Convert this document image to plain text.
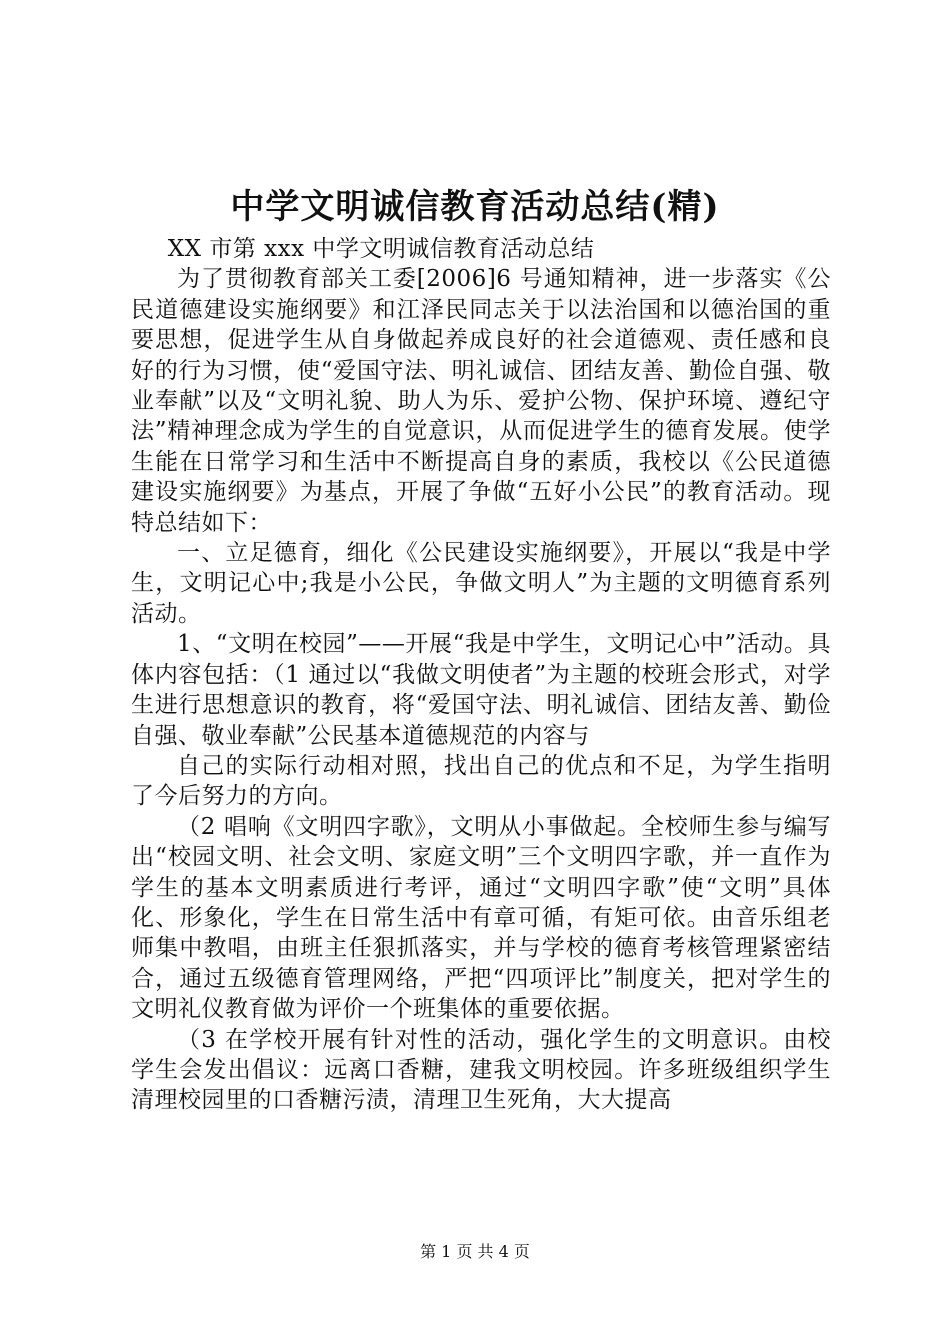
中学文明诚信教育活动总结(精)

XX 市第 xxx 中学文明诚信教育活动总结

为了贯彻教育部关工委[2006]6 号通知精神，进一步落实《公民道德建设实施纲要》和江泽民同志关于以法治国和以德治国的重要思想，促进学生从自身做起养成良好的社会道德观、责任感和良好的行为习惯，使“爱国守法、明礼诚信、团结友善、勤俭自强、敬业奉献”以及“文明礼貌、助人为乐、爱护公物、保护环境、遵纪守法”精神理念成为学生的自觉意识，从而促进学生的德育发展。使学生能在日常学习和生活中不断提高自身的素质，我校以《公民道德建设实施纲要》为基点，开展了争做“五好小公民”的教育活动。现特总结如下：

一、立足德育，细化《公民建设实施纲要》，开展以“我是中学生，文明记心中;我是小公民，争做文明人”为主题的文明德育系列活动。

1、“文明在校园”——开展“我是中学生，文明记心中”活动。具体内容包括：（1 通过以“我做文明使者”为主题的校班会形式，对学生进行思想意识的教育，将“爱国守法、明礼诚信、团结友善、勤俭自强、敬业奉献”公民基本道德规范的内容与

自己的实际行动相对照，找出自己的优点和不足，为学生指明了今后努力的方向。

（2 唱响《文明四字歌》，文明从小事做起。全校师生参与编写出“校园文明、社会文明、家庭文明”三个文明四字歌，并一直作为学生的基本文明素质进行考评，通过“文明四字歌”使“文明”具体化、形象化，学生在日常生活中有章可循，有矩可依。由音乐组老师集中教唱，由班主任狠抓落实，并与学校的德育考核管理紧密结合，通过五级德育管理网络，严把“四项评比”制度关，把对学生的文明礼仪教育做为评价一个班集体的重要依据。

（3 在学校开展有针对性的活动，强化学生的文明意识。由校学生会发出倡议：远离口香糖，建我文明校园。许多班级组织学生清理校园里的口香糖污渍，清理卫生死角，大大提高

第 1 页 共 4 页
